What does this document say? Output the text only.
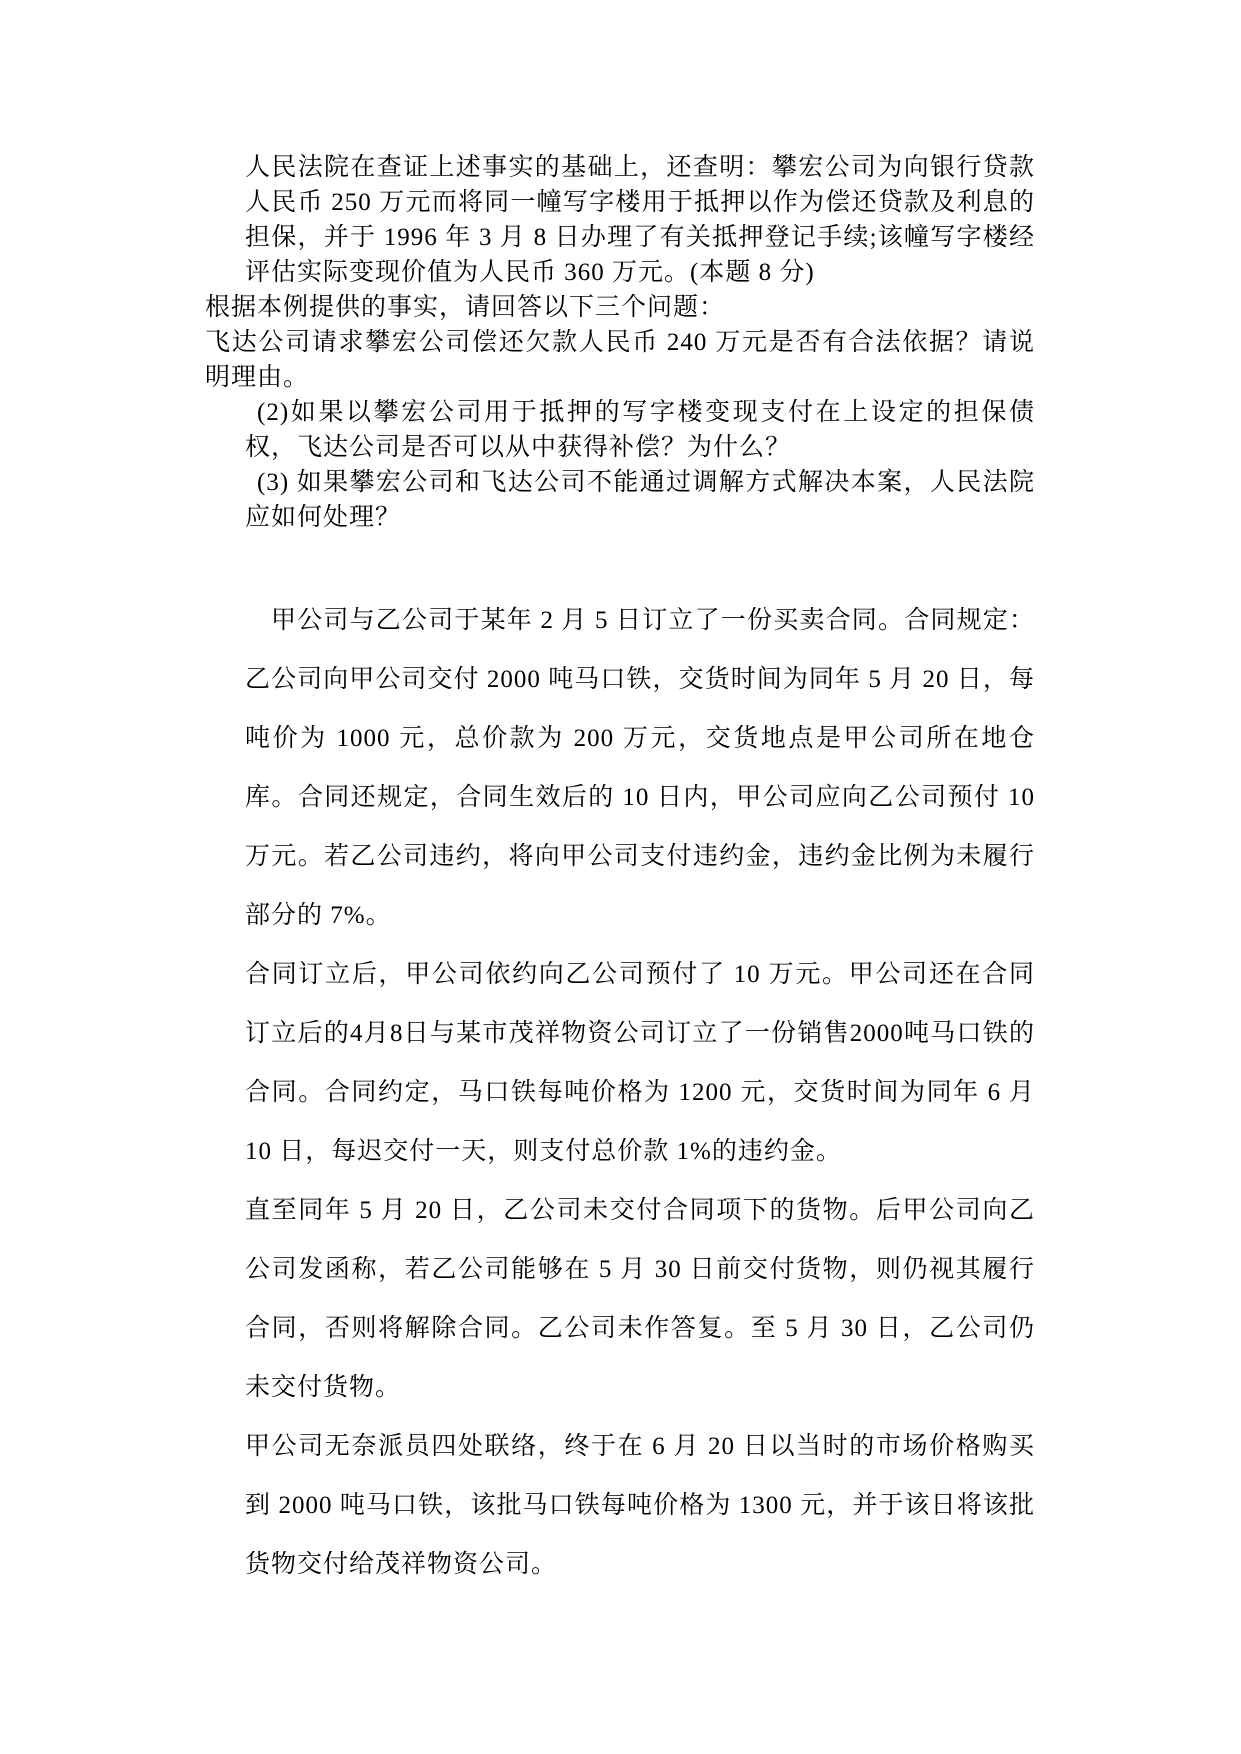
人民法院在查证上述事实的基础上，还查明：攀宏公司为向银行贷款人民币 250 万元而将同一幢写字楼用于抵押以作为偿还贷款及利息的担保，并于 1996 年 3 月 8 日办理了有关抵押登记手续;该幢写字楼经评估实际变现价值为人民币 360 万元。(本题 8 分)

根据本例提供的事实，请回答以下三个问题：

飞达公司请求攀宏公司偿还欠款人民币 240 万元是否有合法依据？请说明理由。

(2)如果以攀宏公司用于抵押的写字楼变现支付在上设定的担保债权，飞达公司是否可以从中获得补偿？为什么？

(3) 如果攀宏公司和飞达公司不能通过调解方式解决本案，人民法院应如何处理？

甲公司与乙公司于某年 2 月 5 日订立了一份买卖合同。合同规定：乙公司向甲公司交付 2000 吨马口铁，交货时间为同年 5 月 20 日，每吨价为 1000 元，总价款为 200 万元，交货地点是甲公司所在地仓库。合同还规定，合同生效后的 10 日内，甲公司应向乙公司预付 10 万元。若乙公司违约，将向甲公司支付违约金，违约金比例为未履行部分的 7%。

合同订立后，甲公司依约向乙公司预付了 10 万元。甲公司还在合同订立后的4月8日与某市茂祥物资公司订立了一份销售2000吨马口铁的合同。合同约定，马口铁每吨价格为 1200 元，交货时间为同年 6 月 10 日，每迟交付一天，则支付总价款 1%的违约金。

直至同年 5 月 20 日，乙公司未交付合同项下的货物。后甲公司向乙公司发函称，若乙公司能够在 5 月 30 日前交付货物，则仍视其履行合同，否则将解除合同。乙公司未作答复。至 5 月 30 日，乙公司仍未交付货物。

甲公司无奈派员四处联络，终于在 6 月 20 日以当时的市场价格购买到 2000 吨马口铁，该批马口铁每吨价格为 1300 元，并于该日将该批货物交付给茂祥物资公司。
